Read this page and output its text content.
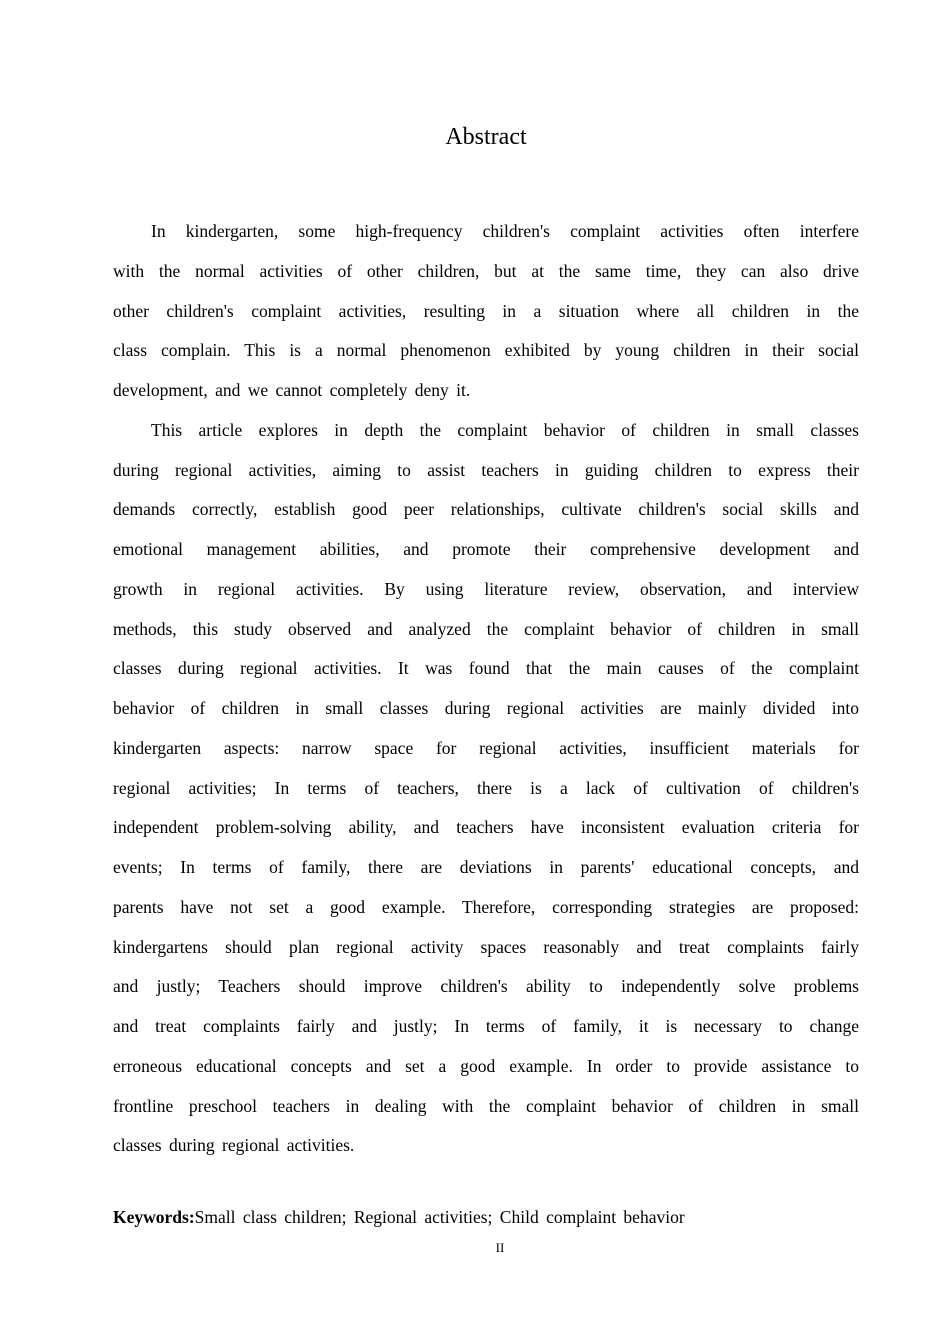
Abstract
In kindergarten, some high-frequency children's complaint activities often interfere
with the normal activities of other children, but at the same time, they can also drive
other children's complaint activities, resulting in a situation where all children in the
class complain. This is a normal phenomenon exhibited by young children in their social
development, and we cannot completely deny it.
This article explores in depth the complaint behavior of children in small classes
during regional activities, aiming to assist teachers in guiding children to express their
demands correctly, establish good peer relationships, cultivate children's social skills and
emotional management abilities, and promote their comprehensive development and
growth in regional activities. By using literature review, observation, and interview
methods, this study observed and analyzed the complaint behavior of children in small
classes during regional activities. It was found that the main causes of the complaint
behavior of children in small classes during regional activities are mainly divided into
kindergarten aspects: narrow space for regional activities, insufficient materials for
regional activities; In terms of teachers, there is a lack of cultivation of children's
independent problem-solving ability, and teachers have inconsistent evaluation criteria for
events; In terms of family, there are deviations in parents' educational concepts, and
parents have not set a good example. Therefore, corresponding strategies are proposed:
kindergartens should plan regional activity spaces reasonably and treat complaints fairly
and justly; Teachers should improve children's ability to independently solve problems
and treat complaints fairly and justly; In terms of family, it is necessary to change
erroneous educational concepts and set a good example. In order to provide assistance to
frontline preschool teachers in dealing with the complaint behavior of children in small
classes during regional activities.
Keywords:Small class children; Regional activities; Child complaint behavior
II
